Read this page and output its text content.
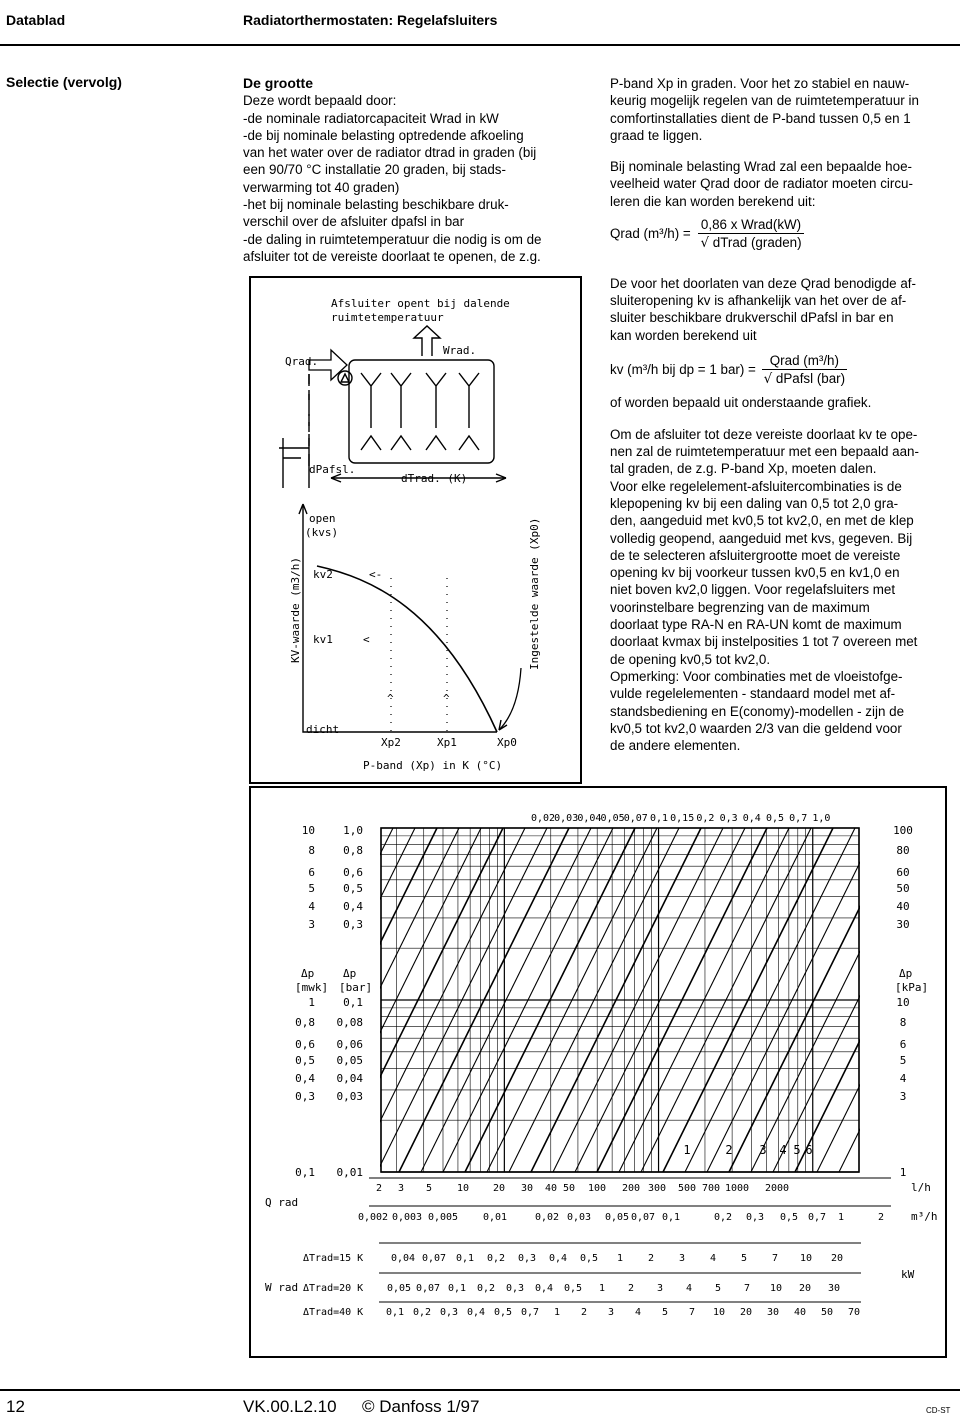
Datablad	Radiatorthermostaten: Regelafsluiters
Selectie (vervolg)	De grootte
Deze wordt bepaald door:
-de nominale radiatorcapaciteit Wrad in kW
-de bij nominale belasting optredende afkoeling
van het water over de radiator dtrad in graden (bij
een 90/70 °C installatie 20 graden, bij stads-
verwarming tot 40 graden)
-het bij nominale belasting beschikbare druk-
verschil over de afsluiter dpafsl in bar
-de daling in ruimtetemperatuur die nodig is om de
afsluiter tot de vereiste doorlaat te openen, de z.g.
P-band Xp in graden. Voor het zo stabiel en nauw-
keurig mogelijk regelen van de ruimtetemperatuur in
comfortinstallaties dient de P-band tussen 0,5 en 1
graad te liggen.
Bij nominale belasting Wrad zal een bepaalde hoe-
veelheid water Qrad door de radiator moeten circu-
leren die kan worden berekend uit:
Qrad $(m^3/h) = \frac{\text{0,86 x Wrad(kW)}}{\text{√ dTrad (graden)}}$
De voor het doorlaten van deze Qrad benodigde af-
sluiteropening kv is afhankelijk van het over de af-
sluiter beschikbare drukverschil dPafsl in bar en
kan worden berekend uit
kv (m³/h bij dp = 1 $bar) = \frac{\text{Qrad (m³/h)}}{\text{√ dPafsl (bar)}}$
of worden bepaald uit onderstaande grafiek.
Om de afsluiter tot deze vereiste doorlaat kv te ope-
nen zal de ruimtetemperatuur met een bepaald aan-
tal graden, de z.g. P-band Xp, moeten dalen.
Voor elke regelelement-afsluitercombinaties is de
klepopening kv bij een daling van 0,5 tot 2,0 gra-
den, aangeduid met kv0,5 tot kv2,0, en met de klep
volledig geopend, aangeduid met kvs, gegeven. Bij
de te selecteren afsluitergrootte moet de vereiste
opening kv bij voorkeur tussen kv0,5 en kv1,0 en
niet boven kv2,0 liggen. Voor regelafsluiters met
voorinstelbare begrenzing van de maximum
doorlaat type RA-N en RA-UN komt de maximum
doorlaat kvmax bij instelposities 1 tot 7 overeen met
de opening kv0,5 tot kv2,0.
Opmerking: Voor combinaties met de vloeistofge-
vulde regelelementen - standaard model met af-
standsbediening en E(conomy)-modellen - zijn de
kv0,5 tot kv2,0 waarden 2/3 van die geldend voor
de andere elementen.
Afsluiter opent bij dalende
ruimtetemperatuur
Qrad.
Wrad.
dPafsl.
dTrad. (K)
open
(kvs)
kv2
kv1
dicht
<-
<
^	^
Xp2	Xp1	Xp0
P-band (Xp) in K (°C)
KV-waarde (m3/h)	Ingestelde waarde (Xp0)
0,02 0,03 0,04 0,05 0,07 0,1 0,15 0,2 0,3 0,4 0,5 0,7 1,0
10
8
6
5
4
3
1,0
0,8
0,6
0,5
0,4
0,3
100
80
60
50
40
30
Δp
[mwk]
Δp
[bar]
Δp
[kPa]
1
0,8
0,6
0,5
0,4
0,3
0,1
0,08
0,06
0,05
0,04
0,03
10
8
6
5
4
3
0,1 0,01	1
1	2 3 4 5 6
2 3 5 10 20 30 40 50 100 200 300 500 700 1000 2000	l/h
0,002 0,003 0,005 0,01	0,02 0,03 0,05 0,07 0,1	0,2 0,3 0,5 0,7 1	2 m³/h
Q rad
W rad
kW
ΔTrad=15 K	0,04 0,07 0,1 0,2 0,3 0,4 0,5 1 2 3 4 5 7 10 20
ΔTrad=20 K 0,05 0,07 0,1 0,2 0,3 0,4 0,5 1 2 3 4 5 7 10 20 30
ΔTrad=40 K 0,1 0,2 0,3 0,4 0,5 0,7 1 2 3 4 5 7 10 20 30 40 50 70
12	VK.00.L2.10 © Danfoss 1/97	CD-ST
